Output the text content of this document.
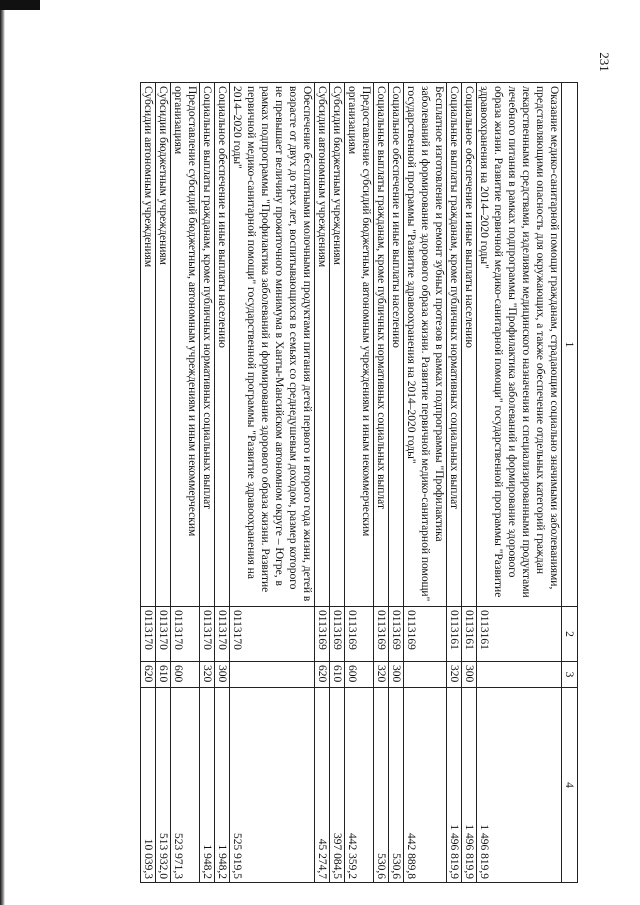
231
1	2	3	4
Оказание медико-санитарной помощи гражданам, страдающим социально значимыми заболеваниями, представляющими опасность для окружающих, а также обеспечение отдельных категорий граждан лекарственными средствами, изделиями медицинского назначения и специализированными продуктами лечебного питания в рамках подпрограммы "Профилактика заболеваний и формирование здорового образа жизни. Развитие первичной медико-санитарной помощи" государственной программы "Развитие здравоохранения на 2014–2020 годы"	0113161		1 496 819,9
Социальное обеспечение и иные выплаты населению	0113161	300	1 496 819,9
Социальные выплаты гражданам, кроме публичных нормативных социальных выплат	0113161	320	1 496 819,9
Бесплатное изготовление и ремонт зубных протезов в рамках подпрограммы "Профилактика заболеваний и формирование здорового образа жизни. Развитие первичной медико-санитарной помощи" государственной программы "Развитие здравоохранения на 2014–2020 годы"	0113169		442 889,8
Социальное обеспечение и иные выплаты населению	0113169	300	530,6
Социальные выплаты гражданам, кроме публичных нормативных социальных выплат	0113169	320	530,6
Предоставление субсидий бюджетным, автономным учреждениям и иным некоммерческим организациям	0113169	600	442 359,2
Субсидии бюджетным учреждениям	0113169	610	397 084,5
Субсидии автономным учреждениям	0113169	620	45 274,7
Обеспечение бесплатными молочными продуктами питания детей первого и второго года жизни, детей в возрасте от двух до трех лет, воспитывающихся в семьях со среднедушевым доходом, размер которого не превышает величину прожиточного минимума в Ханты-Мансийском автономном округе – Югре, в рамках подпрограммы "Профилактика заболеваний и формирование здорового образа жизни. Развитие первичной медико-санитарной помощи" государственной программы "Развитие здравоохранения на 2014–2020 годы"	0113170		525 919,5
Социальное обеспечение и иные выплаты населению	0113170	300	1 948,2
Социальные выплаты гражданам, кроме публичных нормативных социальных выплат	0113170	320	1 948,2
Предоставление субсидий бюджетным, автономным учреждениям и иным некоммерческим организациям	0113170	600	523 971,3
Субсидии бюджетным учреждениям	0113170	610	513 932,0
Субсидии автономным учреждениям	0113170	620	10 039,3
